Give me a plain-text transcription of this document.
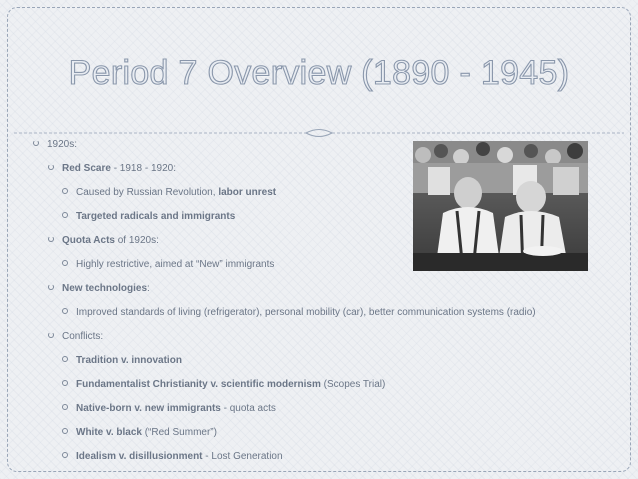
Period 7 Overview (1890 - 1945)
1920s:
Red Scare - 1918 - 1920:
Caused by Russian Revolution, labor unrest
Targeted radicals and immigrants
Quota Acts of 1920s:
Highly restrictive, aimed at “New” immigrants
New technologies:
Improved standards of living (refrigerator), personal mobility (car), better communication systems (radio)
Conflicts:
Tradition v. innovation
Fundamentalist Christianity v. scientific modernism (Scopes Trial)
Native-born v. new immigrants - quota acts
White v. black (“Red Summer”)
Idealism v. disillusionment - Lost Generation
